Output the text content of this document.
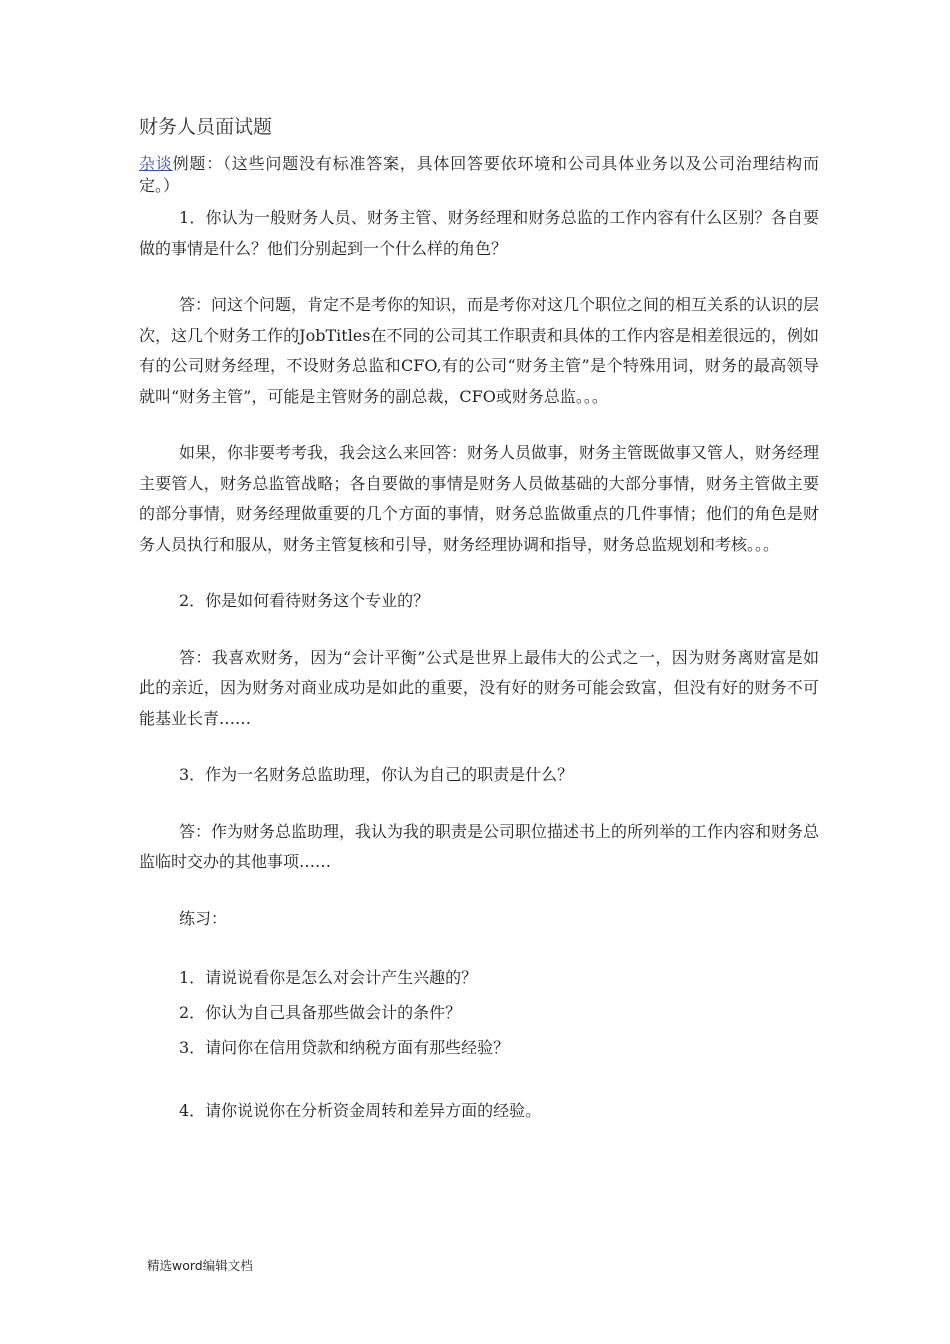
财务人员面试题

杂谈例题：（这些问题没有标准答案，具体回答要依环境和公司具体业务以及公司治理结构而定。）

1．你认为一般财务人员、财务主管、财务经理和财务总监的工作内容有什么区别？各自要做的事情是什么？他们分别起到一个什么样的角色？

答：问这个问题，肯定不是考你的知识，而是考你对这几个职位之间的相互关系的认识的层次，这几个财务工作的JobTitles在不同的公司其工作职责和具体的工作内容是相差很远的，例如有的公司财务经理，不设财务总监和CFO,有的公司“财务主管”是个特殊用词，财务的最高领导就叫“财务主管”，可能是主管财务的副总裁，CFO或财务总监。。。

如果，你非要考考我，我会这么来回答：财务人员做事，财务主管既做事又管人，财务经理主要管人，财务总监管战略；各自要做的事情是财务人员做基础的大部分事情，财务主管做主要的部分事情，财务经理做重要的几个方面的事情，财务总监做重点的几件事情；他们的角色是财务人员执行和服从，财务主管复核和引导，财务经理协调和指导，财务总监规划和考核。。。

2．你是如何看待财务这个专业的？

答：我喜欢财务，因为“会计平衡”公式是世界上最伟大的公式之一，因为财务离财富是如此的亲近，因为财务对商业成功是如此的重要，没有好的财务可能会致富，但没有好的财务不可能基业长青……

3．作为一名财务总监助理，你认为自己的职责是什么？

答：作为财务总监助理，我认为我的职责是公司职位描述书上的所列举的工作内容和财务总监临时交办的其他事项……

练习：

1．请说说看你是怎么对会计产生兴趣的？

2．你认为自己具备那些做会计的条件？

3．请问你在信用贷款和纳税方面有那些经验？

4．请你说说你在分析资金周转和差异方面的经验。

精选word编辑文档
